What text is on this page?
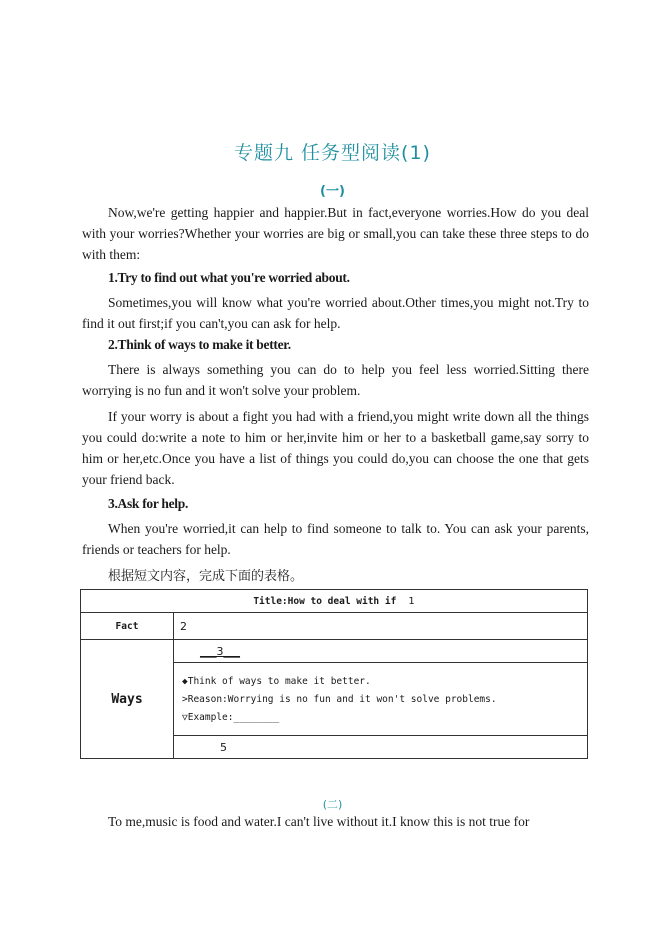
专题九 任务型阅读(1)
(一)

Now,we're getting happier and happier.But in fact,everyone worries.How do you deal with your worries?Whether your worries are big or small,you can take these three steps to do with them:

1.Try to find out what you're worried about.

Sometimes,you will know what you're worried about.Other times,you might not.Try to find it out first;if you can't,you can ask for help.

2.Think of ways to make it better.

There is always something you can do to help you feel less worried.Sitting there worrying is no fun and it won't solve your problem.

If your worry is about a fight you had with a friend,you might write down all the things you could do:write a note to him or her,invite him or her to a basketball game,say sorry to him or her,etc.Once you have a list of things you could do,you can choose the one that gets your friend back.

3.Ask for help.

When you're worried,it can help to find someone to talk to. You can ask your parents, friends or teachers for help.

根据短文内容，完成下面的表格。
Title:How to deal with if 1	
Fact	2
Ways	___3___

	◆Think of ways to make it better.
>Reason:Worrying is no fun and it won't solve problems.
▽Example:________

	5
(二)

To me,music is food and water.I can't live without it.I know this is not true for
